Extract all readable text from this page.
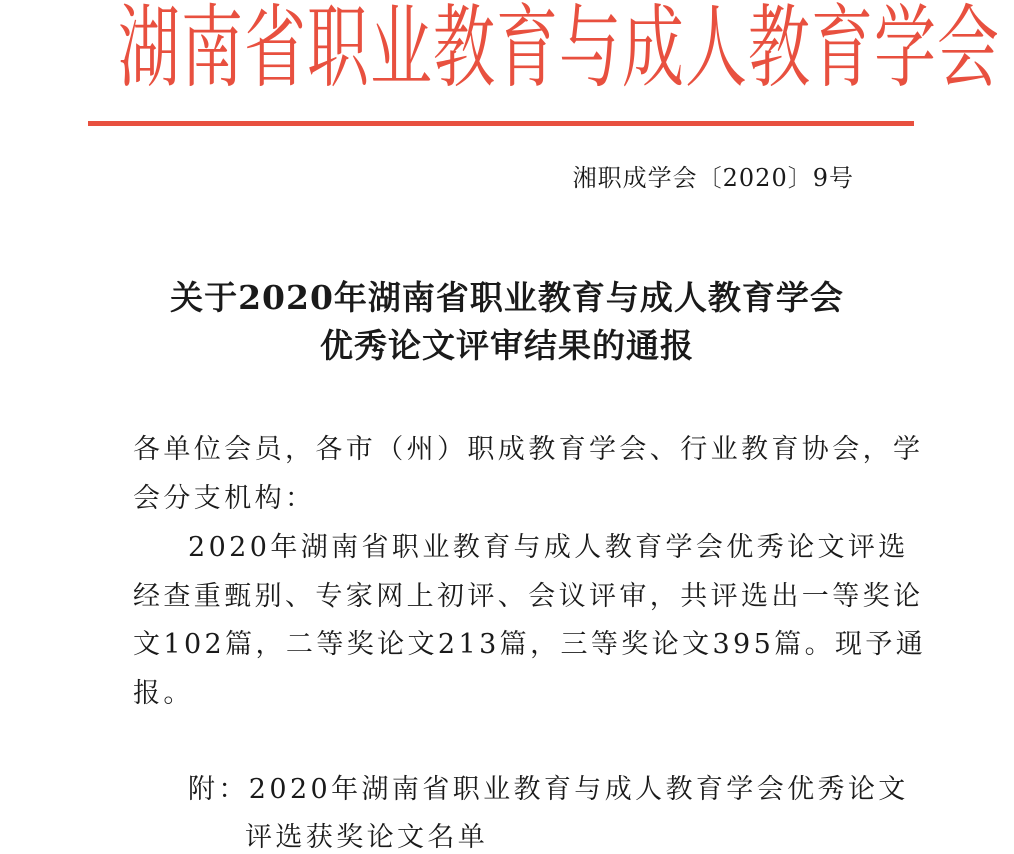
湖南省职业教育与成人教育学会
湘职成学会〔2020〕9号
关于2020年湖南省职业教育与成人教育学会
优秀论文评审结果的通报
各单位会员，各市（州）职成教育学会、行业教育协会，学
会分支机构：
2020年湖南省职业教育与成人教育学会优秀论文评选
经查重甄别、专家网上初评、会议评审，共评选出一等奖论
文102篇，二等奖论文213篇，三等奖论文395篇。现予通
报。
附：2020年湖南省职业教育与成人教育学会优秀论文
评选获奖论文名单
